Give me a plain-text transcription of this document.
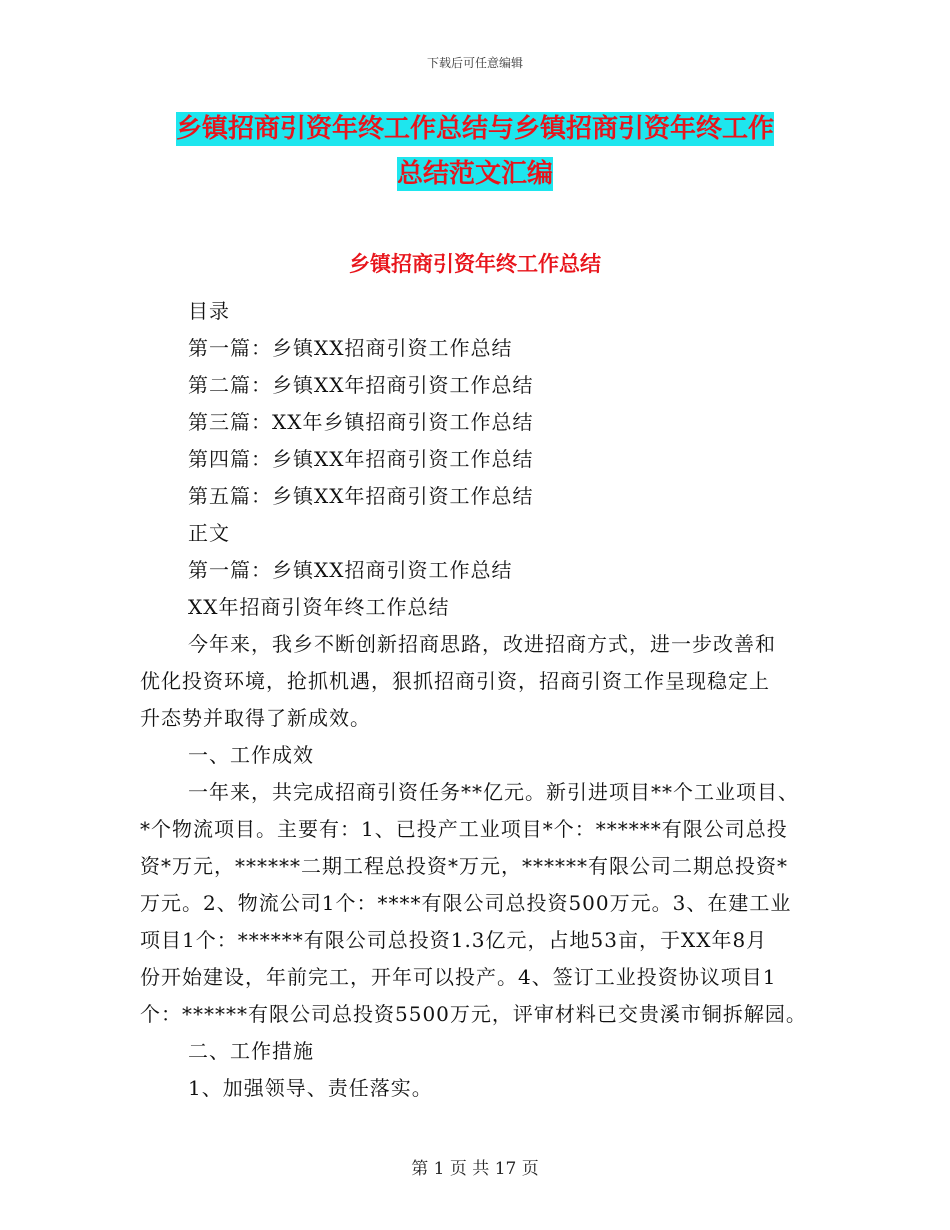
下载后可任意编辑
乡镇招商引资年终工作总结与乡镇招商引资年终工作
总结范文汇编
乡镇招商引资年终工作总结

目录

第一篇：乡镇XX招商引资工作总结

第二篇：乡镇XX年招商引资工作总结

第三篇：XX年乡镇招商引资工作总结

第四篇：乡镇XX年招商引资工作总结

第五篇：乡镇XX年招商引资工作总结

正文

第一篇：乡镇XX招商引资工作总结

XX年招商引资年终工作总结

今年来，我乡不断创新招商思路，改进招商方式，进一步改善和

优化投资环境，抢抓机遇，狠抓招商引资，招商引资工作呈现稳定上

升态势并取得了新成效。

一、工作成效

一年来，共完成招商引资任务**亿元。新引进项目**个工业项目、

*个物流项目。主要有：1、已投产工业项目*个：******有限公司总投

资*万元，******二期工程总投资*万元，******有限公司二期总投资*

万元。2、物流公司1个：****有限公司总投资500万元。3、在建工业

项目1个：******有限公司总投资1.3亿元，占地53亩，于XX年8月

份开始建设，年前完工，开年可以投产。4、签订工业投资协议项目1

个：******有限公司总投资5500万元，评审材料已交贵溪市铜拆解园。

二、工作措施

1、加强领导、责任落实。

第 1 页 共 17 页
